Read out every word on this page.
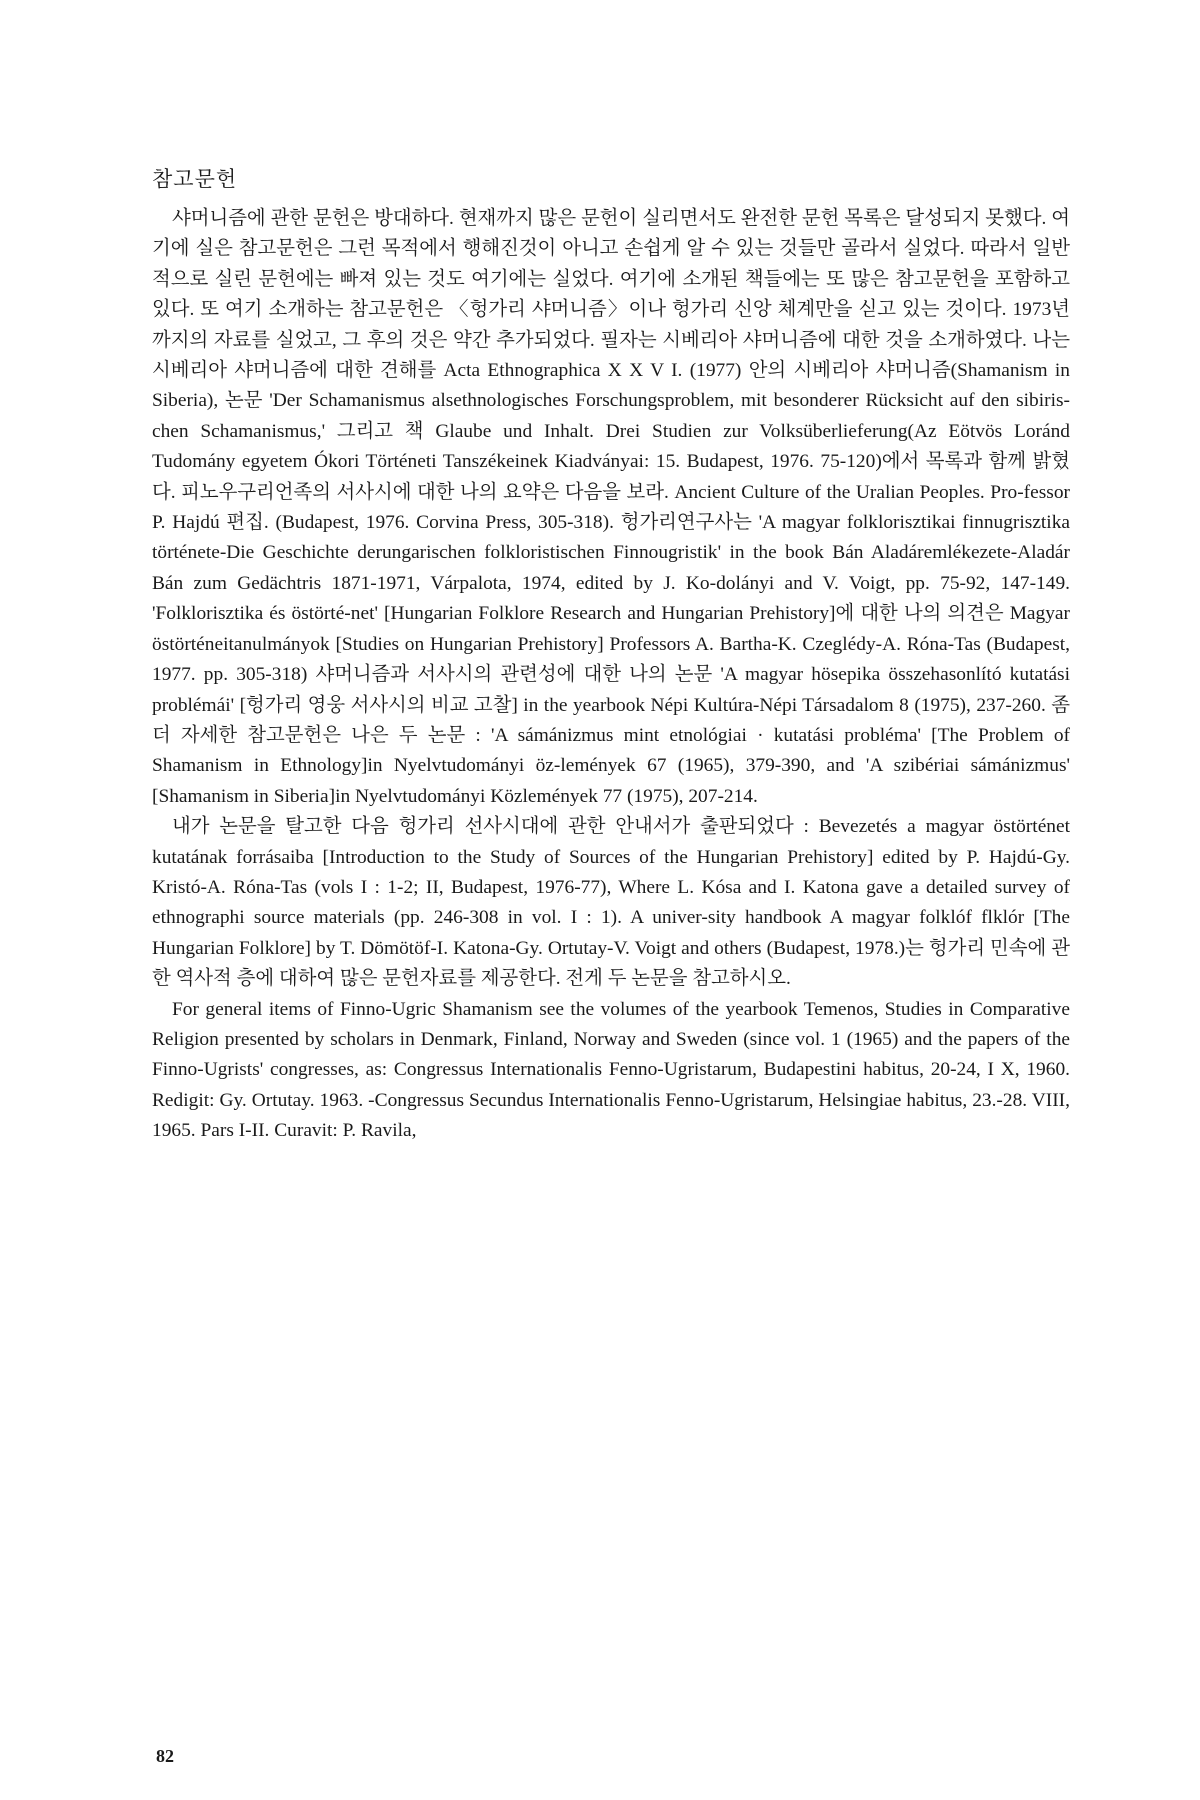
참고문헌

샤머니즘에 관한 문헌은 방대하다. 현재까지 많은 문헌이 실리면서도 완전한 문헌 목록은 달성되지 못했다. 여기에 실은 참고문헌은 그런 목적에서 행해진것이 아니고 손쉽게 알 수 있는 것들만 골라서 실었다. 따라서 일반적으로 실린 문헌에는 빠져 있는 것도 여기에는 실었다. 여기에 소개된 책들에는 또 많은 참고문헌을 포함하고 있다. 또 여기 소개하는 참고문헌은 〈헝가리 샤머니즘〉이나 헝가리 신앙 체계만을 싣고 있는 것이다. 1973년까지의 자료를 실었고, 그 후의 것은 약간 추가되었다. 필자는 시베리아 샤머니즘에 대한 것을 소개하였다. 나는 시베리아 샤머니즘에 대한 견해를 Acta Ethnographica X X V I. (1977) 안의 시베리아 샤머니즘(Shamanism in Siberia), 논문 'Der Schamanismus alsethnologisches Forschungsproblem, mit besonderer Rücksicht auf den sibiris-chen Schamanismus,' 그리고 책 Glaube und Inhalt. Drei Studien zur Volksüberlieferung(Az Eötvös Loránd Tudomány egyetem Ókori Történeti Tanszékeinek Kiadványai: 15. Budapest, 1976. 75-120)에서 목록과 함께 밝혔다. 피노우구리언족의 서사시에 대한 나의 요약은 다음을 보라. Ancient Culture of the Uralian Peoples. Pro-fessor P. Hajdú 편집. (Budapest, 1976. Corvina Press, 305-318). 헝가리연구사는 'A magyar folklorisztikai finnugrisztika története-Die Geschichte derungarischen folkloristischen Finnougristik' in the book Bán Aladáremlékezete-Aladár Bán zum Gedächtris 1871-1971, Várpalota, 1974, edited by J. Ko-dolányi and V. Voigt, pp. 75-92, 147-149. 'Folklorisztika és östörté-net' [Hungarian Folklore Research and Hungarian Prehistory]에 대한 나의 의견은 Magyar östörténeitanulmányok [Studies on Hungarian Prehistory] Professors A. Bartha-K. Czeglédy-A. Róna-Tas (Budapest, 1977. pp. 305-318) 샤머니즘과 서사시의 관련성에 대한 나의 논문 'A magyar hösepika összehasonlító kutatási problémái' [헝가리 영웅 서사시의 비교 고찰] in the yearbook Népi Kultúra-Népi Társadalom 8 (1975), 237-260. 좀더 자세한 참고문헌은 나은 두 논문 : 'A sámánizmus mint etnológiai · kutatási probléma' [The Problem of Shamanism in Ethnology]in Nyelvtudományi öz-lemények 67 (1965), 379-390, and 'A szibériai sámánizmus' [Shamanism in Siberia]in Nyelvtudományi Közlemények 77 (1975), 207-214.

내가 논문을 탈고한 다음 헝가리 선사시대에 관한 안내서가 출판되었다 : Bevezetés a magyar östörténet kutatának forrásaiba [Introduction to the Study of Sources of the Hungarian Prehistory] edited by P. Hajdú-Gy. Kristó-A. Róna-Tas (vols I : 1-2; II, Budapest, 1976-77), Where L. Kósa and I. Katona gave a detailed survey of ethnographi source materials (pp. 246-308 in vol. I : 1). A univer-sity handbook A magyar folklóf flklór [The Hungarian Folklore] by T. Dömötöf-I. Katona-Gy. Ortutay-V. Voigt and others (Budapest, 1978.)는 헝가리 민속에 관한 역사적 층에 대하여 많은 문헌자료를 제공한다. 전게 두 논문을 참고하시오.

For general items of Finno-Ugric Shamanism see the volumes of the yearbook Temenos, Studies in Comparative Religion presented by scholars in Denmark, Finland, Norway and Sweden (since vol. 1 (1965) and the papers of the Finno-Ugrists' congresses, as: Congressus Internationalis Fenno-Ugristarum, Budapestini habitus, 20-24, I X, 1960. Redigit: Gy. Ortutay. 1963. -Congressus Secundus Internationalis Fenno-Ugristarum, Helsingiae habitus, 23.-28. VIII, 1965. Pars I-II. Curavit: P. Ravila,

82
